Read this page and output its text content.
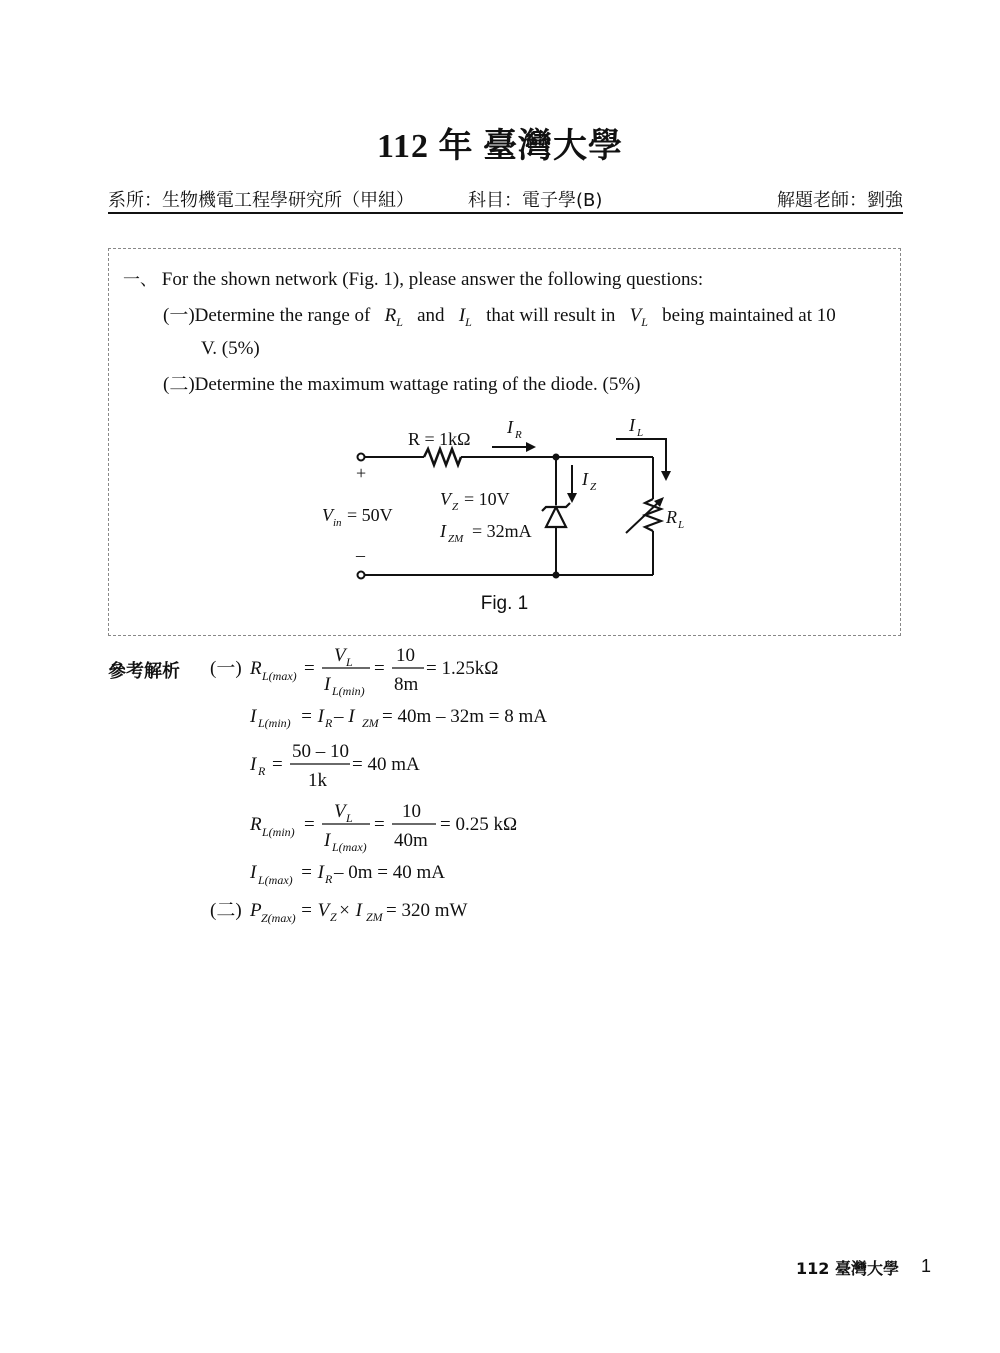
112 年 臺灣大學
系所：生物機電工程學研究所（甲組）	科目：電子學(B)	解題老師：劉強
一、 For the shown network (Fig. 1), please answer the following questions:
(一)Determine the range of $R_L$ and $I_L$ that will result in $V_L$ being maintained at 10
V. (5%)
(二)Determine the maximum wattage rating of the diode. (5%)
R = 1kΩ
I R	I L
I Z
+
–
V in = 50V
V Z = 10V
I ZM = 32mA
R L
Fig. 1
參考解析 (一) R L(max) =
V L
I L(min)
=
10
8m
= 1.25kΩ
I L(min) = I R – I ZM = 40m – 32m = 8 mA
I R =
50 – 10
1k
= 40 mA
R L(min) =
V L
I L(max)
=
10
40m
= 0.25 kΩ
I L(max) = I R – 0m = 40 mA
(二) P Z(max) = V Z × I ZM = 320 mW
112 臺灣大學 1
